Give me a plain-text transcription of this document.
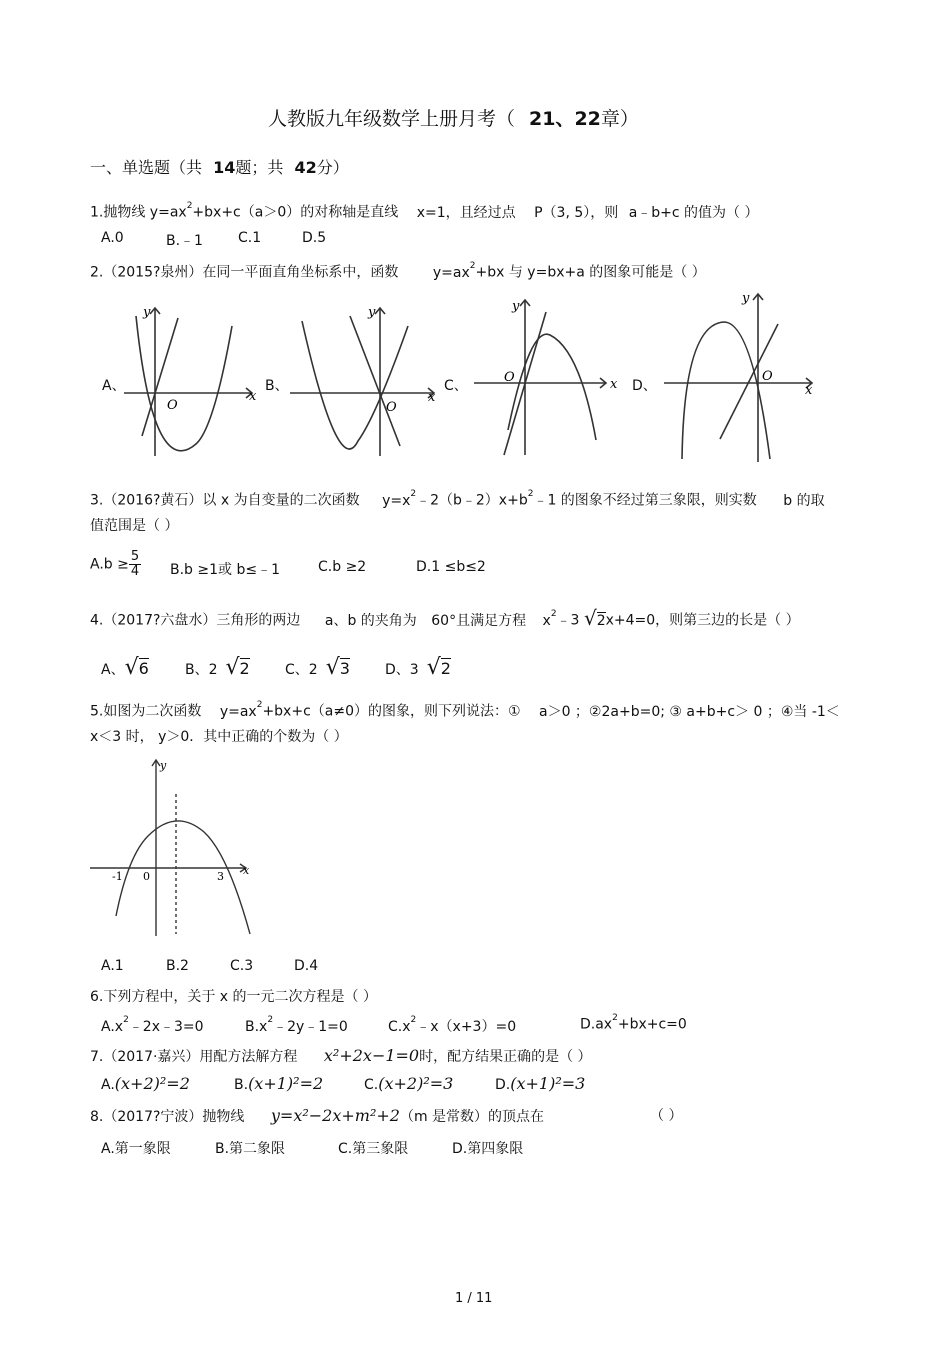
人教版九年级数学上册月考（ 21、22章）
一、单选题（共 14题；共 42分）
1.抛物线 $y=ax^2+bx+c(a>0)$的对称轴是直线 x=1，且经过点 P（3, 5），则 a﹣b+c 的值为（ ）
A.0	B.﹣1	C.1	D.5
2.（2015?泉州）在同一平面直角坐标系中，函数 $y=ax^2+bx$ 与 y=bx+a 的图象可能是（ ）
A、	B、	C、	D、
y
x
O
y
x
O
y
x
O
y
x
O
3.（2016?黄石）以 x 为自变量的二次函数 $y=x^2﹣2(b﹣2)x+b^2﹣1$ 的图象不经过第三象限，则实数 b 的取
值范围是（ ）
$A.b \ge \frac{5}{4} B.b \ge 1$或 b≤﹣1	C.b ≥2	D.1 ≤b≤2
4.（2017?六盘水）三角形的两边 a、b 的夹角为 60°且满足方程 $x^2﹣3$ √2x+4=0，则第三边的长是（ ）
A、√6	B、2 √2	C、2 √3	D、3 √2
5.如图为二次函数 $y=ax^2+bx+c(a\ne 0)$的图象，则下列说法：① a＞0 ；②2a+b=0; ③ a+b+c＞ 0 ；④当 -1＜
x＜3 时， y＞0．其中正确的个数为（ ）
y
x
-1 0	3
A.1	B.2	C.3	D.4
6.下列方程中，关于 x 的一元二次方程是（ ）
$A.x^2﹣2x﹣3=0$	$B.x^2﹣2y﹣1=0$	$C.x^2﹣x(x+3)=0$	$D.ax^2+bx+c=0$
7.（2017·嘉兴）用配方法解方程 x²+2x−1=0时，配方结果正确的是（ ）
A.(x+2)²=2	B.(x+1)²=2	C.(x+2)²=3	D.(x+1)²=3
8.（2017?宁波）抛物线 y=x²−2x+m²+2（m 是常数）的顶点在	（ ）
A.第一象限	B.第二象限	C.第三象限	D.第四象限
1 / 11
